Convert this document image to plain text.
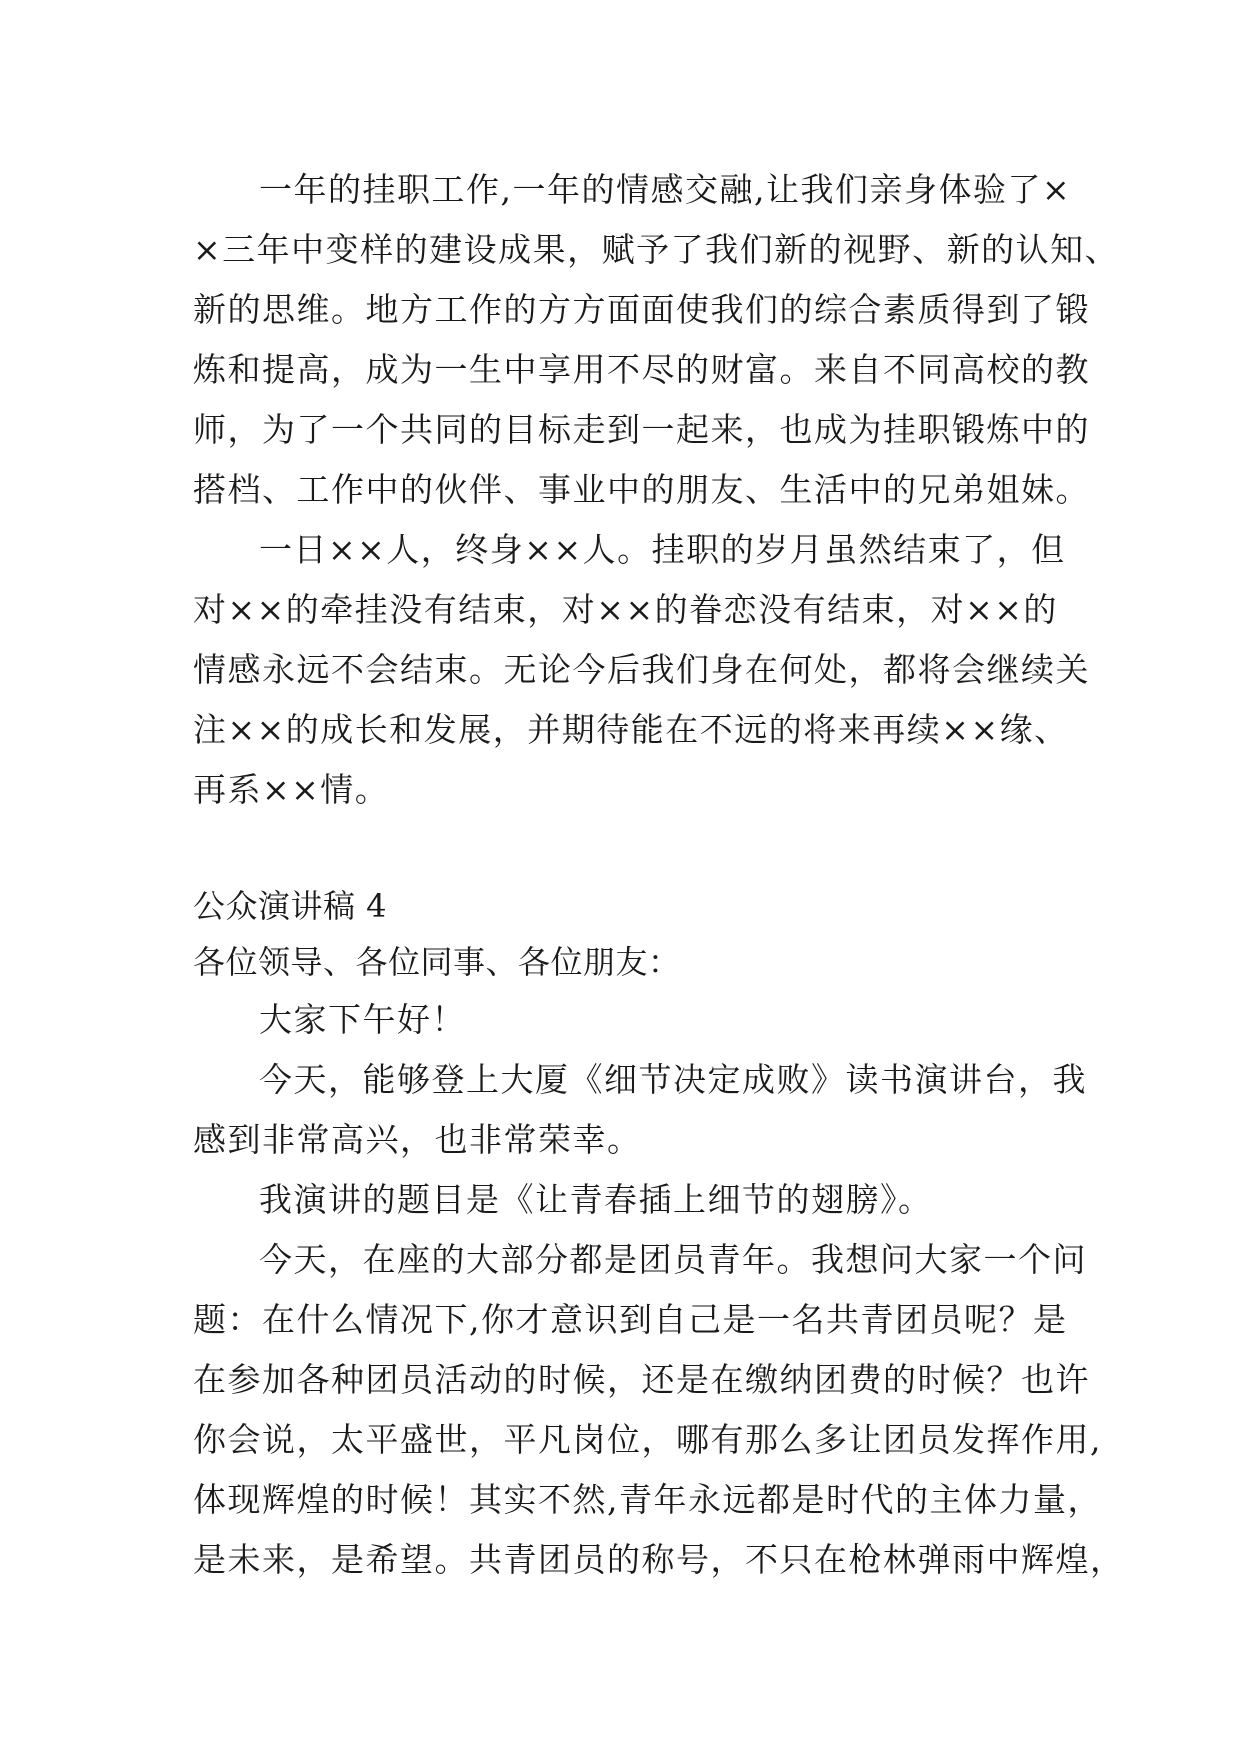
一年的挂职工作,一年的情感交融,让我们亲身体验了×
×三年中变样的建设成果，赋予了我们新的视野、新的认知、
新的思维。地方工作的方方面面使我们的综合素质得到了锻
炼和提高，成为一生中享用不尽的财富。来自不同高校的教
师，为了一个共同的目标走到一起来，也成为挂职锻炼中的
搭档、工作中的伙伴、事业中的朋友、生活中的兄弟姐妹。
一日××人，终身××人。挂职的岁月虽然结束了，但
对××的牵挂没有结束，对××的眷恋没有结束，对××的
情感永远不会结束。无论今后我们身在何处，都将会继续关
注××的成长和发展，并期待能在不远的将来再续××缘、
再系××情。
公众演讲稿 4
各位领导、各位同事、各位朋友：
大家下午好！
今天，能够登上大厦《细节决定成败》读书演讲台，我
感到非常高兴，也非常荣幸。
我演讲的题目是《让青春插上细节的翅膀》。
今天，在座的大部分都是团员青年。我想问大家一个问
题：在什么情况下,你才意识到自己是一名共青团员呢？是
在参加各种团员活动的时候，还是在缴纳团费的时候？也许
你会说，太平盛世，平凡岗位，哪有那么多让团员发挥作用,
体现辉煌的时候！其实不然,青年永远都是时代的主体力量，
是未来，是希望。共青团员的称号，不只在枪林弹雨中辉煌，
